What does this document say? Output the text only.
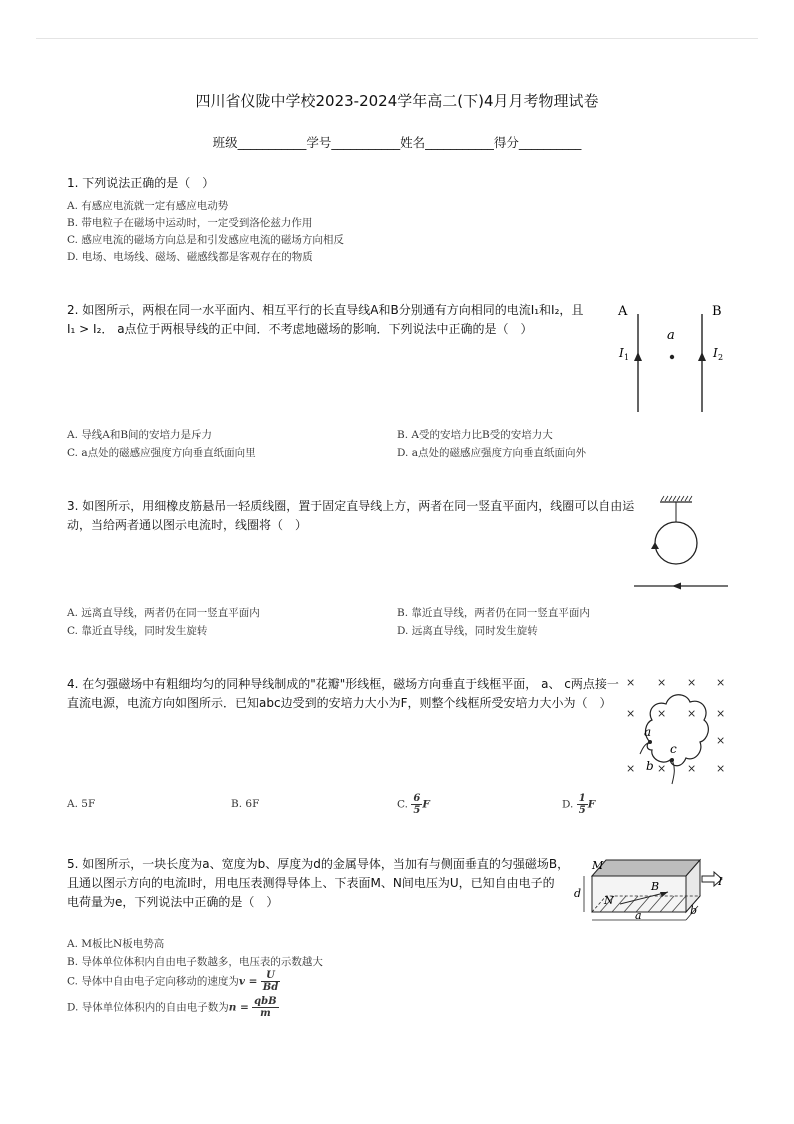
四川省仪陇中学校2023-2024学年高二(下)4月月考物理试卷
班级___________学号___________姓名___________得分__________
1. 下列说法正确的是（　）
A. 有感应电流就一定有感应电动势
B. 带电粒子在磁场中运动时，一定受到洛伦兹力作用
C. 感应电流的磁场方向总是和引发感应电流的磁场方向相反
D. 电场、电场线、磁场、磁感线都是客观存在的物质
2. 如图所示，两根在同一水平面内、相互平行的长直导线A和B分别通有方向相同的电流I₁和I₂，且
I₁ > I₂． a点位于两根导线的正中间．不考虑地磁场的影响．下列说法中正确的是（　）
A	B
a
I 1	I 2
A. 导线A和B间的安培力是斥力	B. A受的安培力比B受的安培力大
C. a点处的磁感应强度方向垂直纸面向里	D. a点处的磁感应强度方向垂直纸面向外
3. 如图所示，用细橡皮筋悬吊一轻质线圈，置于固定直导线上方，两者在同一竖直平面内，线圈可以自由运
动，当给两者通以图示电流时，线圈将（　）
A. 远离直导线，两者仍在同一竖直平面内	B. 靠近直导线，两者仍在同一竖直平面内
C. 靠近直导线，同时发生旋转	D. 远离直导线，同时发生旋转
4. 在匀强磁场中有粗细均匀的同种导线制成的"花瓣"形线框，磁场方向垂直于线框平面， a、 c两点接一
直流电源，电流方向如图所示．已知abc边受到的安培力大小为F，则整个线框所受安培力大小为（　）
× × × ×
× × × ×
×
× × × ×
a
b
c
A. 5F	B. 6F	C. $\frac{6}{5}$ F	D. $\frac{1}{5}$ F
5. 如图所示，一块长度为a、宽度为b、厚度为d的金属导体，当加有与侧面垂直的匀强磁场B，
且通以图示方向的电流I时，用电压表测得导体上、下表面M、N间电压为U，已知自由电子的
电荷量为e，下列说法中正确的是（　）
M
N
B	I
a	b
d
A. M板比N板电势高
B. 导体单位体积内自由电子数越多，电压表的示数越大
C. 导体中自由电子定向移动的速度为$v = \frac{U}{Bd}$
D. 导体单位体积内的自由电子数为$n = \frac{\text{qbB}}{m}$
